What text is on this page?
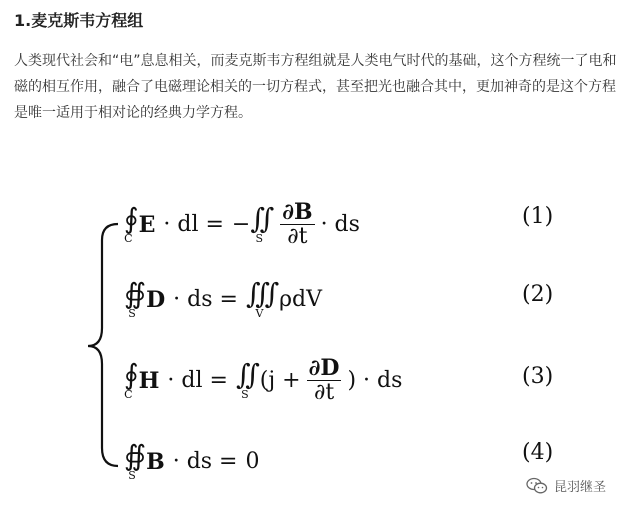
1.麦克斯韦方程组

人类现代社会和“电”息息相关，而麦克斯韦方程组就是人类电气时代的基础，这个方程统一了电和磁的相互作用，融合了电磁理论相关的一切方程式，甚至把光也融合其中，更加神奇的是这个方程是唯一适用于相对论的经典力学方程。

∮
C
E · dl = − ∬
S $\frac{\partial B}{\partial t}$ · ds	(1)
∯
S
D · ds = ∭
V
ρdV	(2)
∮
C
H · dl = ∬
S
($j + \frac{\partial D}{\partial t}$ ) · ds	(3)
∯
S
B · ds = 0	(4)
昆羽继圣
